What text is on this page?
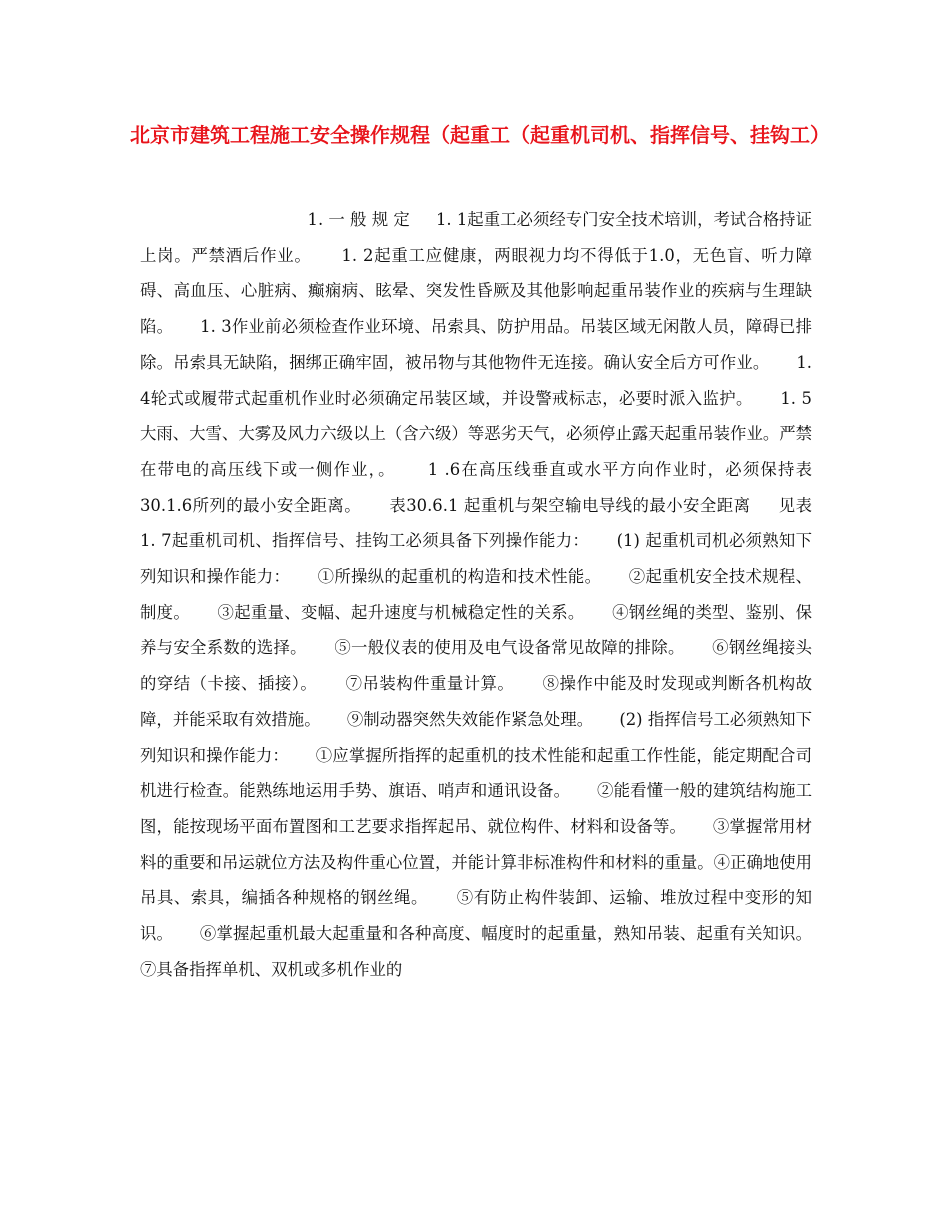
北京市建筑工程施工安全操作规程（起重工（起重机司机、指挥信号、挂钩工）

1. 一 般 规 定     1. 1起重工必须经专门安全技术培训，考试合格持证上岗。严禁酒后作业。     1. 2起重工应健康，两眼视力均不得低于1.0，无色盲、听力障碍、高血压、心脏病、癫痫病、眩晕、突发性昏厥及其他影响起重吊装作业的疾病与生理缺陷。     1. 3作业前必须检查作业环境、吊索具、防护用品。吊装区域无闲散人员，障碍已排除。吊索具无缺陷，捆绑正确牢固，被吊物与其他物件无连接。确认安全后方可作业。     1. 4轮式或履带式起重机作业时必须确定吊装区域，并设警戒标志，必要时派入监护。     1. 5大雨、大雪、大雾及风力六级以上（含六级）等恶劣天气，必须停止露天起重吊装作业。严禁在带电的高压线下或一侧作业，。     1 .6在高压线垂直或水平方向作业时，必须保持表30.1.6所列的最小安全距离。     表30.6.1 起重机与架空输电导线的最小安全距离     见表     1. 7起重机司机、指挥信号、挂钩工必须具备下列操作能力：     (1) 起重机司机必须熟知下列知识和操作能力：     ①所操纵的起重机的构造和技术性能。     ②起重机安全技术规程、制度。     ③起重量、变幅、起升速度与机械稳定性的关系。     ④钢丝绳的类型、鉴别、保养与安全系数的选择。     ⑤一般仪表的使用及电气设备常见故障的排除。     ⑥钢丝绳接头的穿结（卡接、插接）。     ⑦吊装构件重量计算。     ⑧操作中能及时发现或判断各机构故障，并能采取有效措施。     ⑨制动器突然失效能作紧急处理。     (2) 指挥信号工必须熟知下列知识和操作能力：     ①应掌握所指挥的起重机的技术性能和起重工作性能，能定期配合司机进行检查。能熟练地运用手势、旗语、哨声和通讯设备。     ②能看懂一般的建筑结构施工图，能按现场平面布置图和工艺要求指挥起吊、就位构件、材料和设备等。     ③掌握常用材料的重要和吊运就位方法及构件重心位置，并能计算非标准构件和材料的重量。④正确地使用吊具、索具，编插各种规格的钢丝绳。     ⑤有防止构件装卸、运输、堆放过程中变形的知识。     ⑥掌握起重机最大起重量和各种高度、幅度时的起重量，熟知吊装、起重有关知识。     ⑦具备指挥单机、双机或多机作业的
